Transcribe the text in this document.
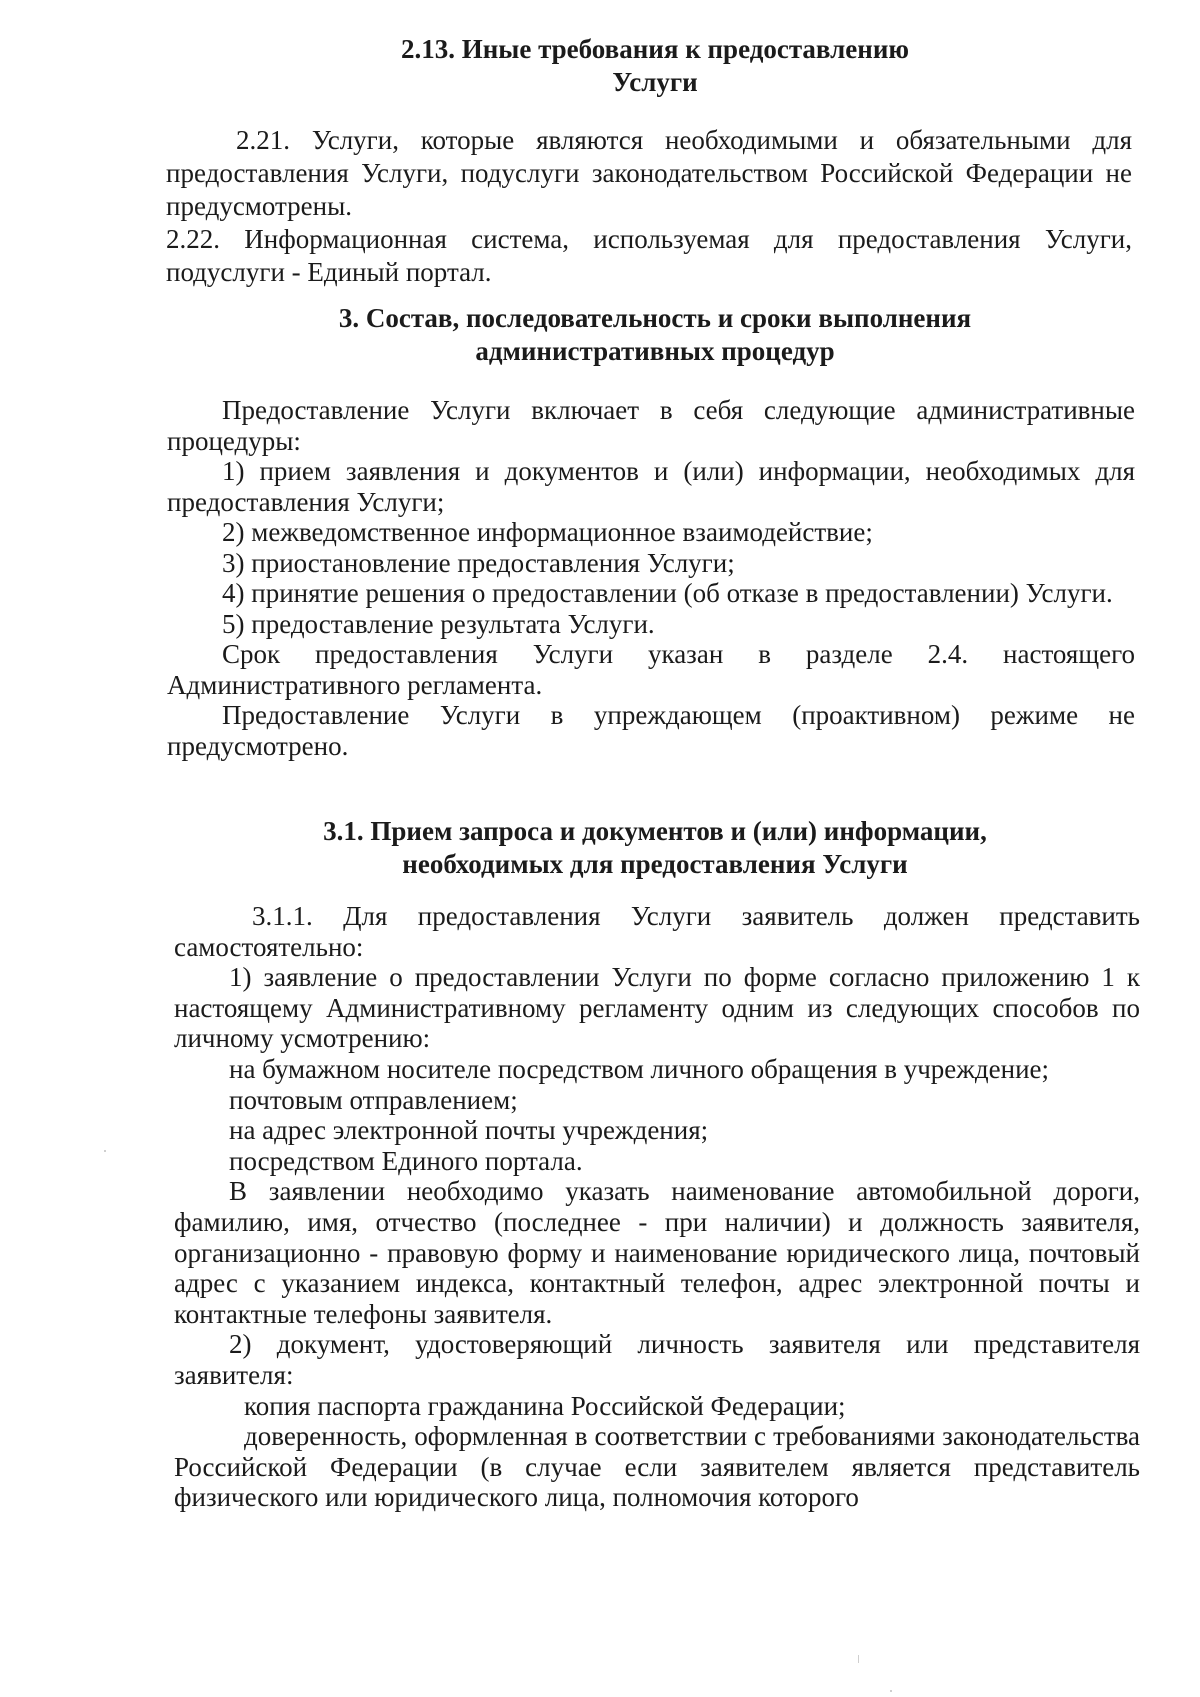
2.13. Иные требования к предоставлению
Услуги

2.21. Услуги, которые являются необходимыми и обязательными для предоставления Услуги, подуслуги законодательством Российской Федерации не предусмотрены.

2.22. Информационная система, используемая для предоставления Услуги, подуслуги - Единый портал.

3. Состав, последовательность и сроки выполнения
административных процедур

Предоставление Услуги включает в себя следующие административные процедуры:

1) прием заявления и документов и (или) информации, необходимых для предоставления Услуги;

2) межведомственное информационное взаимодействие;

3) приостановление предоставления Услуги;

4) принятие решения о предоставлении (об отказе в предоставлении) Услуги.

5) предоставление результата Услуги.

Срок предоставления Услуги указан в разделе 2.4. настоящего Административного регламента.

Предоставление Услуги в упреждающем (проактивном) режиме не предусмотрено.

3.1. Прием запроса и документов и (или) информации,
необходимых для предоставления Услуги

3.1.1. Для предоставления Услуги заявитель должен представить самостоятельно:

1) заявление о предоставлении Услуги по форме согласно приложению 1 к настоящему Административному регламенту одним из следующих способов по личному усмотрению:

на бумажном носителе посредством личного обращения в учреждение;

почтовым отправлением;

на адрес электронной почты учреждения;

посредством Единого портала.

В заявлении необходимо указать наименование автомобильной дороги, фамилию, имя, отчество (последнее - при наличии) и должность заявителя, организационно - правовую форму и наименование юридического лица, почтовый адрес с указанием индекса, контактный телефон, адрес электронной почты и контактные телефоны заявителя.

2) документ, удостоверяющий личность заявителя или представителя заявителя:

копия паспорта гражданина Российской Федерации;

доверенность, оформленная в соответствии с требованиями законодательства Российской Федерации (в случае если заявителем является представитель физического или юридического лица, полномочия которого
